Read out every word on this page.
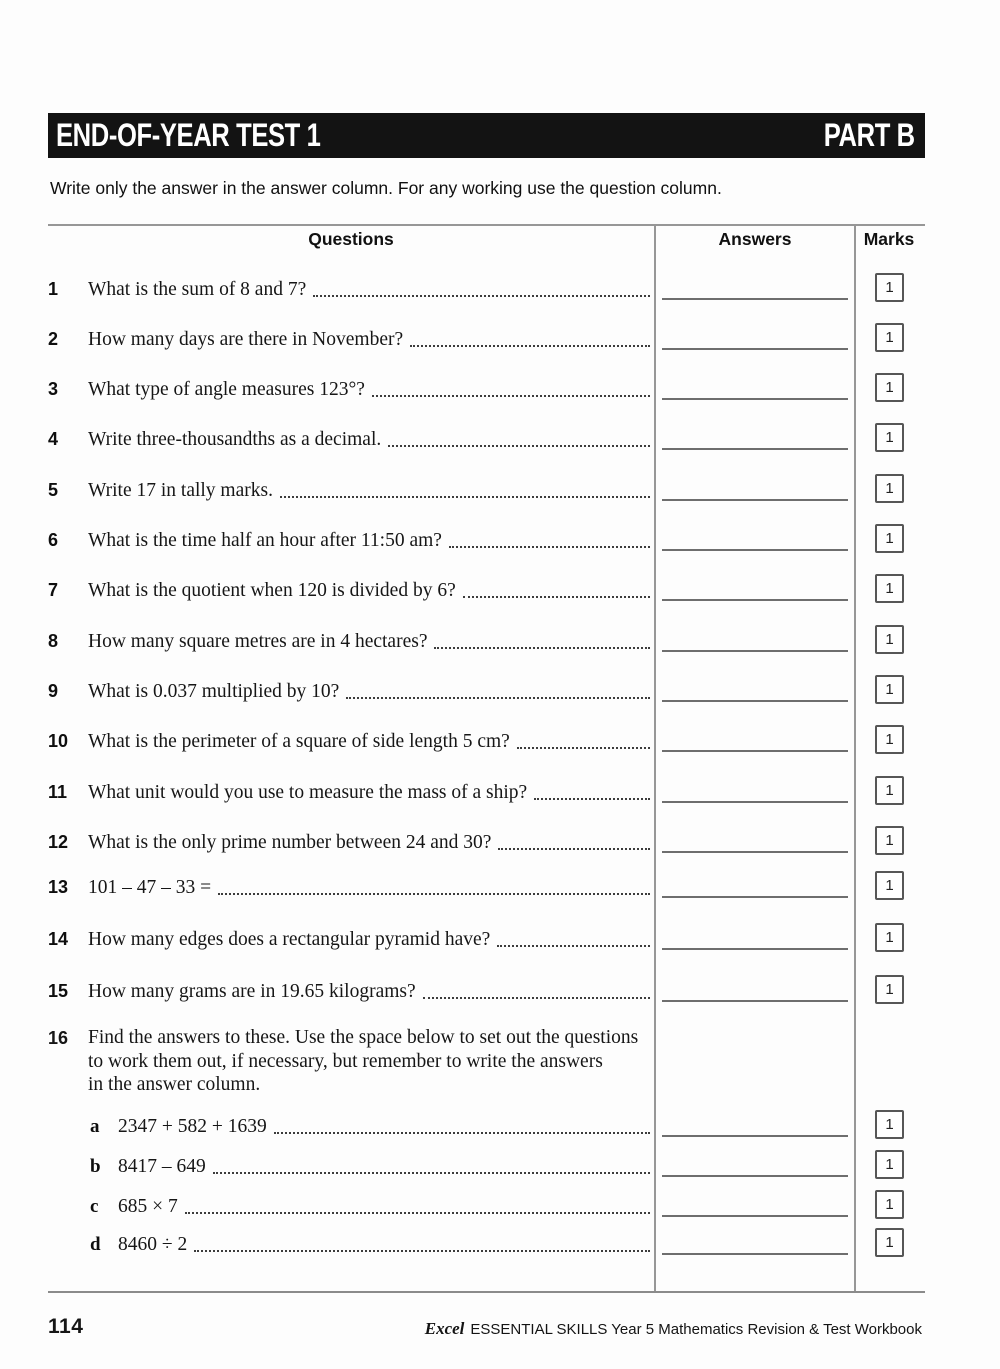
END-OF-YEAR TEST 1	PART B
Write only the answer in the answer column. For any working use the question column.
Questions	Answers	Marks
1	What is the sum of 8 and 7?	1
2	How many days are there in November?	1
3	What type of angle measures 123°?	1
4	Write three-thousandths as a decimal.	1
5	Write 17 in tally marks.	1
6	What is the time half an hour after 11:50 am?	1
7	What is the quotient when 120 is divided by 6?	1
8	How many square metres are in 4 hectares?	1
9	What is 0.037 multiplied by 10?	1
10	What is the perimeter of a square of side length 5 cm?	1
11	What unit would you use to measure the mass of a ship?	1
12	What is the only prime number between 24 and 30?	1
13	101 – 47 – 33 =	1
14	How many edges does a rectangular pyramid have?	1
15	How many grams are in 19.65 kilograms?	1
16 Find the answers to these. Use the space below to set out the questions
to work them out, if necessary, but remember to write the answers
in the answer column.
a 2347 + 582 + 1639	1
b 8417 – 649	1
c	685 × 7	1
d 8460 ÷ 2	1
114	Excel ESSENTIAL SKILLS Year 5 Mathematics Revision & Test Workbook
